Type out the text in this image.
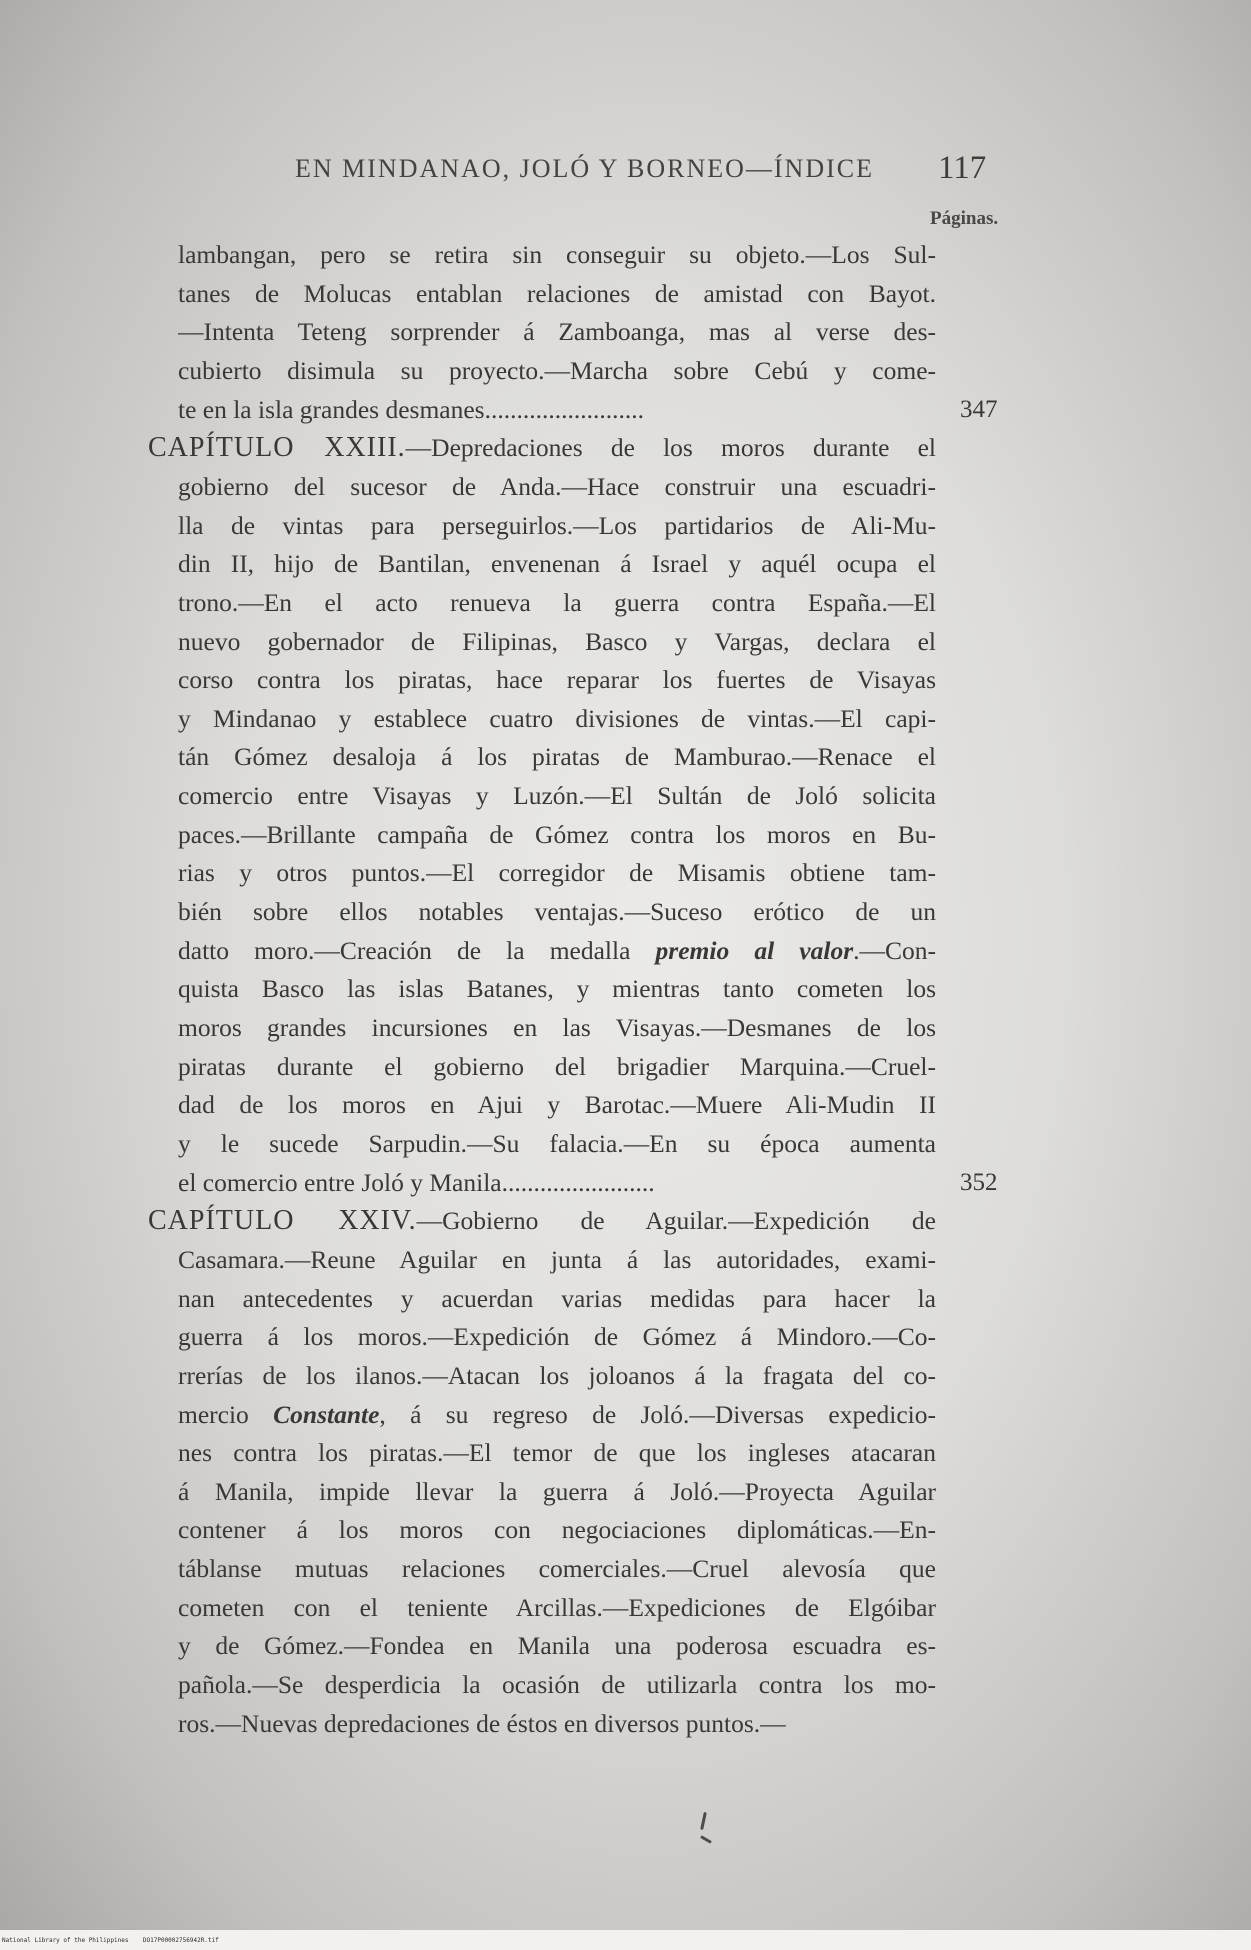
EN MINDANAO, JOLÓ Y BORNEO—ÍNDICE 117
Páginas.
lambangan, pero se retira sin conseguir su objeto.—Los Sul-
tanes de Molucas entablan relaciones de amistad con Bayot.
—Intenta Teteng sorprender á Zamboanga, mas al verse des-
cubierto disimula su proyecto.—Marcha sobre Cebú y come-
te en la isla grandes desmanes.........................	347
CAPÍTULO XXIII.—Depredaciones de los moros durante el
gobierno del sucesor de Anda.—Hace construir una escuadri-
lla de vintas para perseguirlos.—Los partidarios de Ali-Mu-
din II, hijo de Bantilan, envenenan á Israel y aquél ocupa el
trono.—En el acto renueva la guerra contra España.—El
nuevo gobernador de Filipinas, Basco y Vargas, declara el
corso contra los piratas, hace reparar los fuertes de Visayas
y Mindanao y establece cuatro divisiones de vintas.—El capi-
tán Gómez desaloja á los piratas de Mamburao.—Renace el
comercio entre Visayas y Luzón.—El Sultán de Joló solicita
paces.—Brillante campaña de Gómez contra los moros en Bu-
rias y otros puntos.—El corregidor de Misamis obtiene tam-
bién sobre ellos notables ventajas.—Suceso erótico de un
datto moro.—Creación de la medalla premio al valor.—Con-
quista Basco las islas Batanes, y mientras tanto cometen los
moros grandes incursiones en las Visayas.—Desmanes de los
piratas durante el gobierno del brigadier Marquina.—Cruel-
dad de los moros en Ajui y Barotac.—Muere Ali-Mudin II
y le sucede Sarpudin.—Su falacia.—En su época aumenta
el comercio entre Joló y Manila........................	352
CAPÍTULO XXIV.—Gobierno de Aguilar.—Expedición de
Casamara.—Reune Aguilar en junta á las autoridades, exami-
nan antecedentes y acuerdan varias medidas para hacer la
guerra á los moros.—Expedición de Gómez á Mindoro.—Co-
rrerías de los ilanos.—Atacan los joloanos á la fragata del co-
mercio Constante, á su regreso de Joló.—Diversas expedicio-
nes contra los piratas.—El temor de que los ingleses atacaran
á Manila, impide llevar la guerra á Joló.—Proyecta Aguilar
contener á los moros con negociaciones diplomáticas.—En-
táblanse mutuas relaciones comerciales.—Cruel alevosía que
cometen con el teniente Arcillas.—Expediciones de Elgóibar
y de Gómez.—Fondea en Manila una poderosa escuadra es-
pañola.—Se desperdicia la ocasión de utilizarla contra los mo-
ros.—Nuevas depredaciones de éstos en diversos puntos.—
National Library of the Philippines DO17P00002756942R.tif
